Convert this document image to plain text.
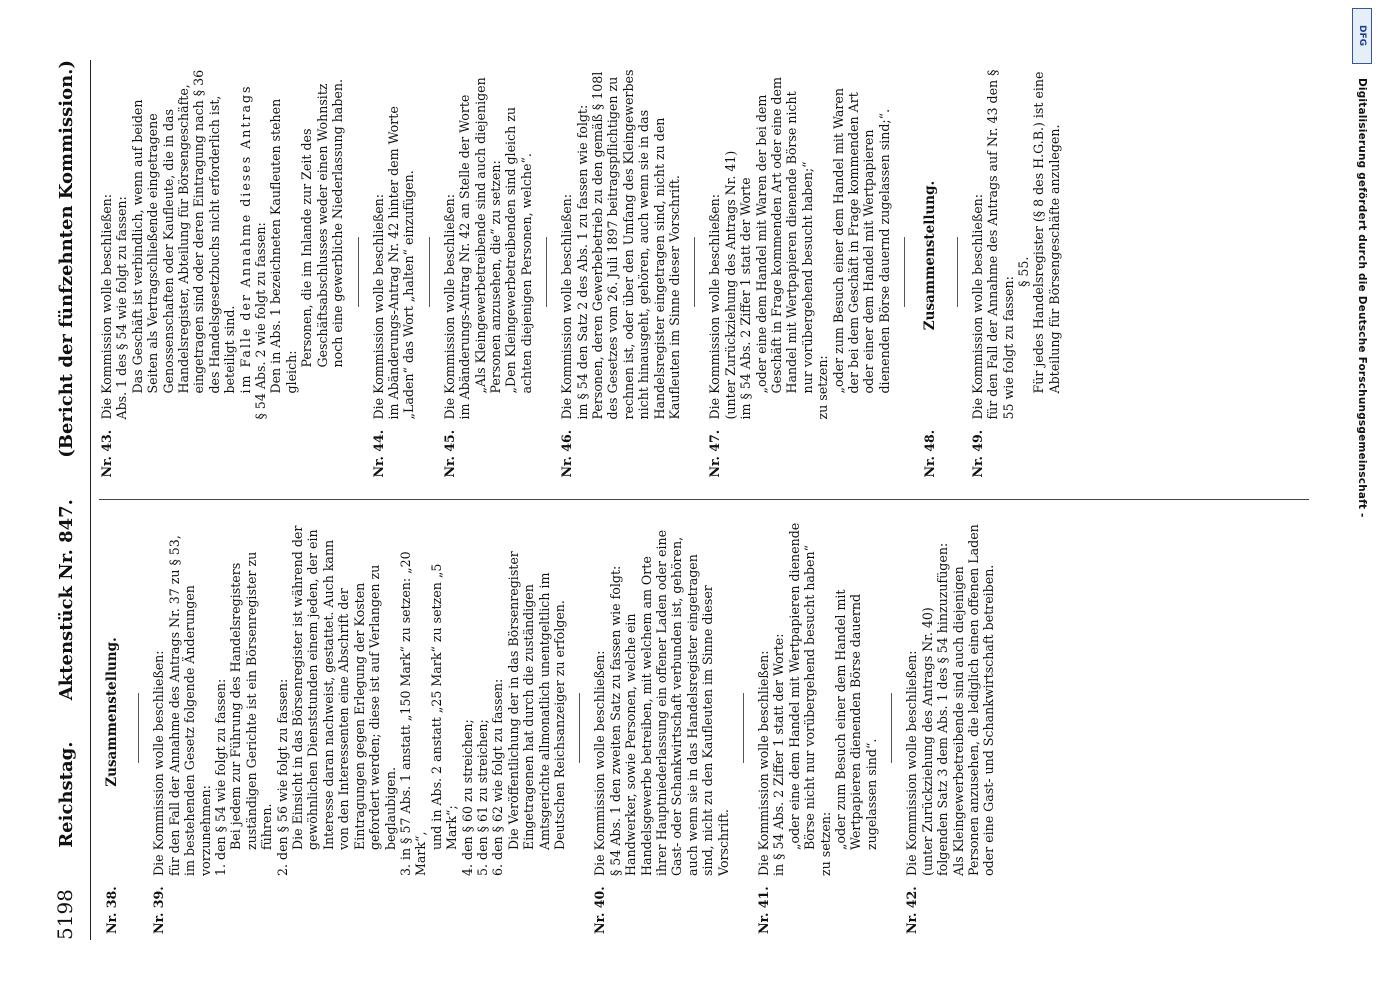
5198
Reichstag.
Aktenstück Nr. 847.
(Bericht der fünfzehnten Kommission.)
Nr. 38. Zusammenstellung.

Nr. 39.Die Kommission wolle beschließen: für den Fall der Annahme des Antrags Nr. 37 zu § 53, im bestehenden Gesetz folgende Änderungen vorzunehmen: 1. den § 54 wie folgt zu fassen: Bei jedem zur Führung des Handelsregisters zuständigen Gerichte ist ein Börsenregister zu führen. 2. den § 56 wie folgt zu fassen: Die Einsicht in das Börsenregister ist während der gewöhnlichen Dienststunden einem jeden, der ein Interesse daran nachweist, gestattet. Auch kann von den Interessenten eine Abschrift der Eintragungen gegen Erlegung der Kosten gefordert werden; diese ist auf Verlangen zu beglaubigen. 3. in § 57 Abs. 1 anstatt „150 Mark“ zu setzen: „20 Mark“,

und in Abs. 2 anstatt „25 Mark“ zu setzen „5 Mark“; 4. den § 60 zu streichen; 5. den § 61 zu streichen; 6. den § 62 wie folgt zu fassen: Die Veröffentlichung der in das Börsenregister Eingetragenen hat durch die zuständigen Amtsgerichte allmonatlich unentgeltlich im Deutschen Reichsanzeiger zu erfolgen.

Nr. 40.Die Kommission wolle beschließen: § 54 Abs. 1 den zweiten Satz zu fassen wie folgt: Handwerker, sowie Personen, welche ein Handelsgewerbe betreiben, mit welchem am Orte ihrer Hauptniederlassung ein offener Laden oder eine Gast- oder Schankwirtschaft verbunden ist, gehören, auch wenn sie in das Handelsregister eingetragen sind, nicht zu den Kaufleuten im Sinne dieser Vorschrift.

Nr. 41.Die Kommission wolle beschließen: in § 54 Abs. 2 Ziffer 1 statt der Worte: „oder eine dem Handel mit Wertpapieren dienende Börse nicht nur vorübergehend besucht haben“ zu setzen: „oder zum Besuch einer dem Handel mit Wertpapieren dienenden Börse dauernd zugelassen sind“.

Nr. 42.Die Kommission wolle beschließen: (unter Zurückziehung des Antrags Nr. 40) folgenden Satz 3 dem Abs. 1 des § 54 hinzuzufügen: Als Kleingewerbetreibende sind auch diejenigen Personen anzusehen, die lediglich einen offenen Laden oder eine Gast- und Schankwirtschaft betreiben.

Nr. 43.Die Kommission wolle beschließen: Abs. 1 des § 54 wie folgt zu fassen: Das Geschäft ist verbindlich, wenn auf beiden Seiten als Vertragschließende eingetragene Genossenschaften oder Kaufleute, die in das Handelsregister, Abteilung für Börsengeschäfte, eingetragen sind oder deren Eintragung nach § 36 des Handelsgesetzbuchs nicht erforderlich ist, beteiligt sind. im Falle der Annahme dieses Antrags § 54 Abs. 2 wie folgt zu fassen: Den in Abs. 1 bezeichneten Kaufleuten stehen gleich:

Personen, die im Inlande zur Zeit des Geschäftsabschlusses weder einen Wohnsitz noch eine gewerbliche Niederlassung haben.

Nr. 44.Die Kommission wolle beschließen: im Abänderungs-Antrag Nr. 42 hinter dem Worte „Laden“ das Wort „halten“ einzufügen.

Nr. 45.Die Kommission wolle beschließen: im Abänderungs-Antrag Nr. 42 an Stelle der Worte „Als Kleingewerbetreibende sind auch diejenigen Personen anzusehen, die“ zu setzen: „Den Kleingewerbetreibenden sind gleich zu achten diejenigen Personen, welche“.

Nr. 46.Die Kommission wolle beschließen: im § 54 den Satz 2 des Abs. 1 zu fassen wie folgt: Personen, deren Gewerbebetrieb zu den gemäß § 108l des Gesetzes vom 26. Juli 1897 beitragspflichtigen zu rechnen ist, oder über den Umfang des Kleingewerbes nicht hinausgeht, gehören, auch wenn sie in das Handelsregister eingetragen sind, nicht zu den Kaufleuten im Sinne dieser Vorschrift.

Nr. 47.Die Kommission wolle beschließen: (unter Zurückziehung des Antrags Nr. 41) im § 54 Abs. 2 Ziffer 1 statt der Worte „oder eine dem Handel mit Waren der bei dem Geschäft in Frage kommenden Art oder eine dem Handel mit Wertpapieren dienende Börse nicht nur vorübergehend besucht haben;“ zu setzen: „oder zum Besuch einer dem Handel mit Waren der bei dem Geschäft in Frage kommenden Art oder einer dem Handel mit Wertpapieren dienenden Börse dauernd zugelassen sind;“.

Nr. 48. Zusammenstellung.

Nr. 49.Die Kommission wolle beschließen: für den Fall der Annahme des Antrags auf Nr. 43 den § 55 wie folgt zu fassen:

§ 55. Für jedes Handelsregister (§ 8 des H.G.B.) ist eine Abteilung für Börsengeschäfte anzulegen.

DFG
Digitalisierung gefördert durch die Deutsche Forschungsgemeinschaft -
